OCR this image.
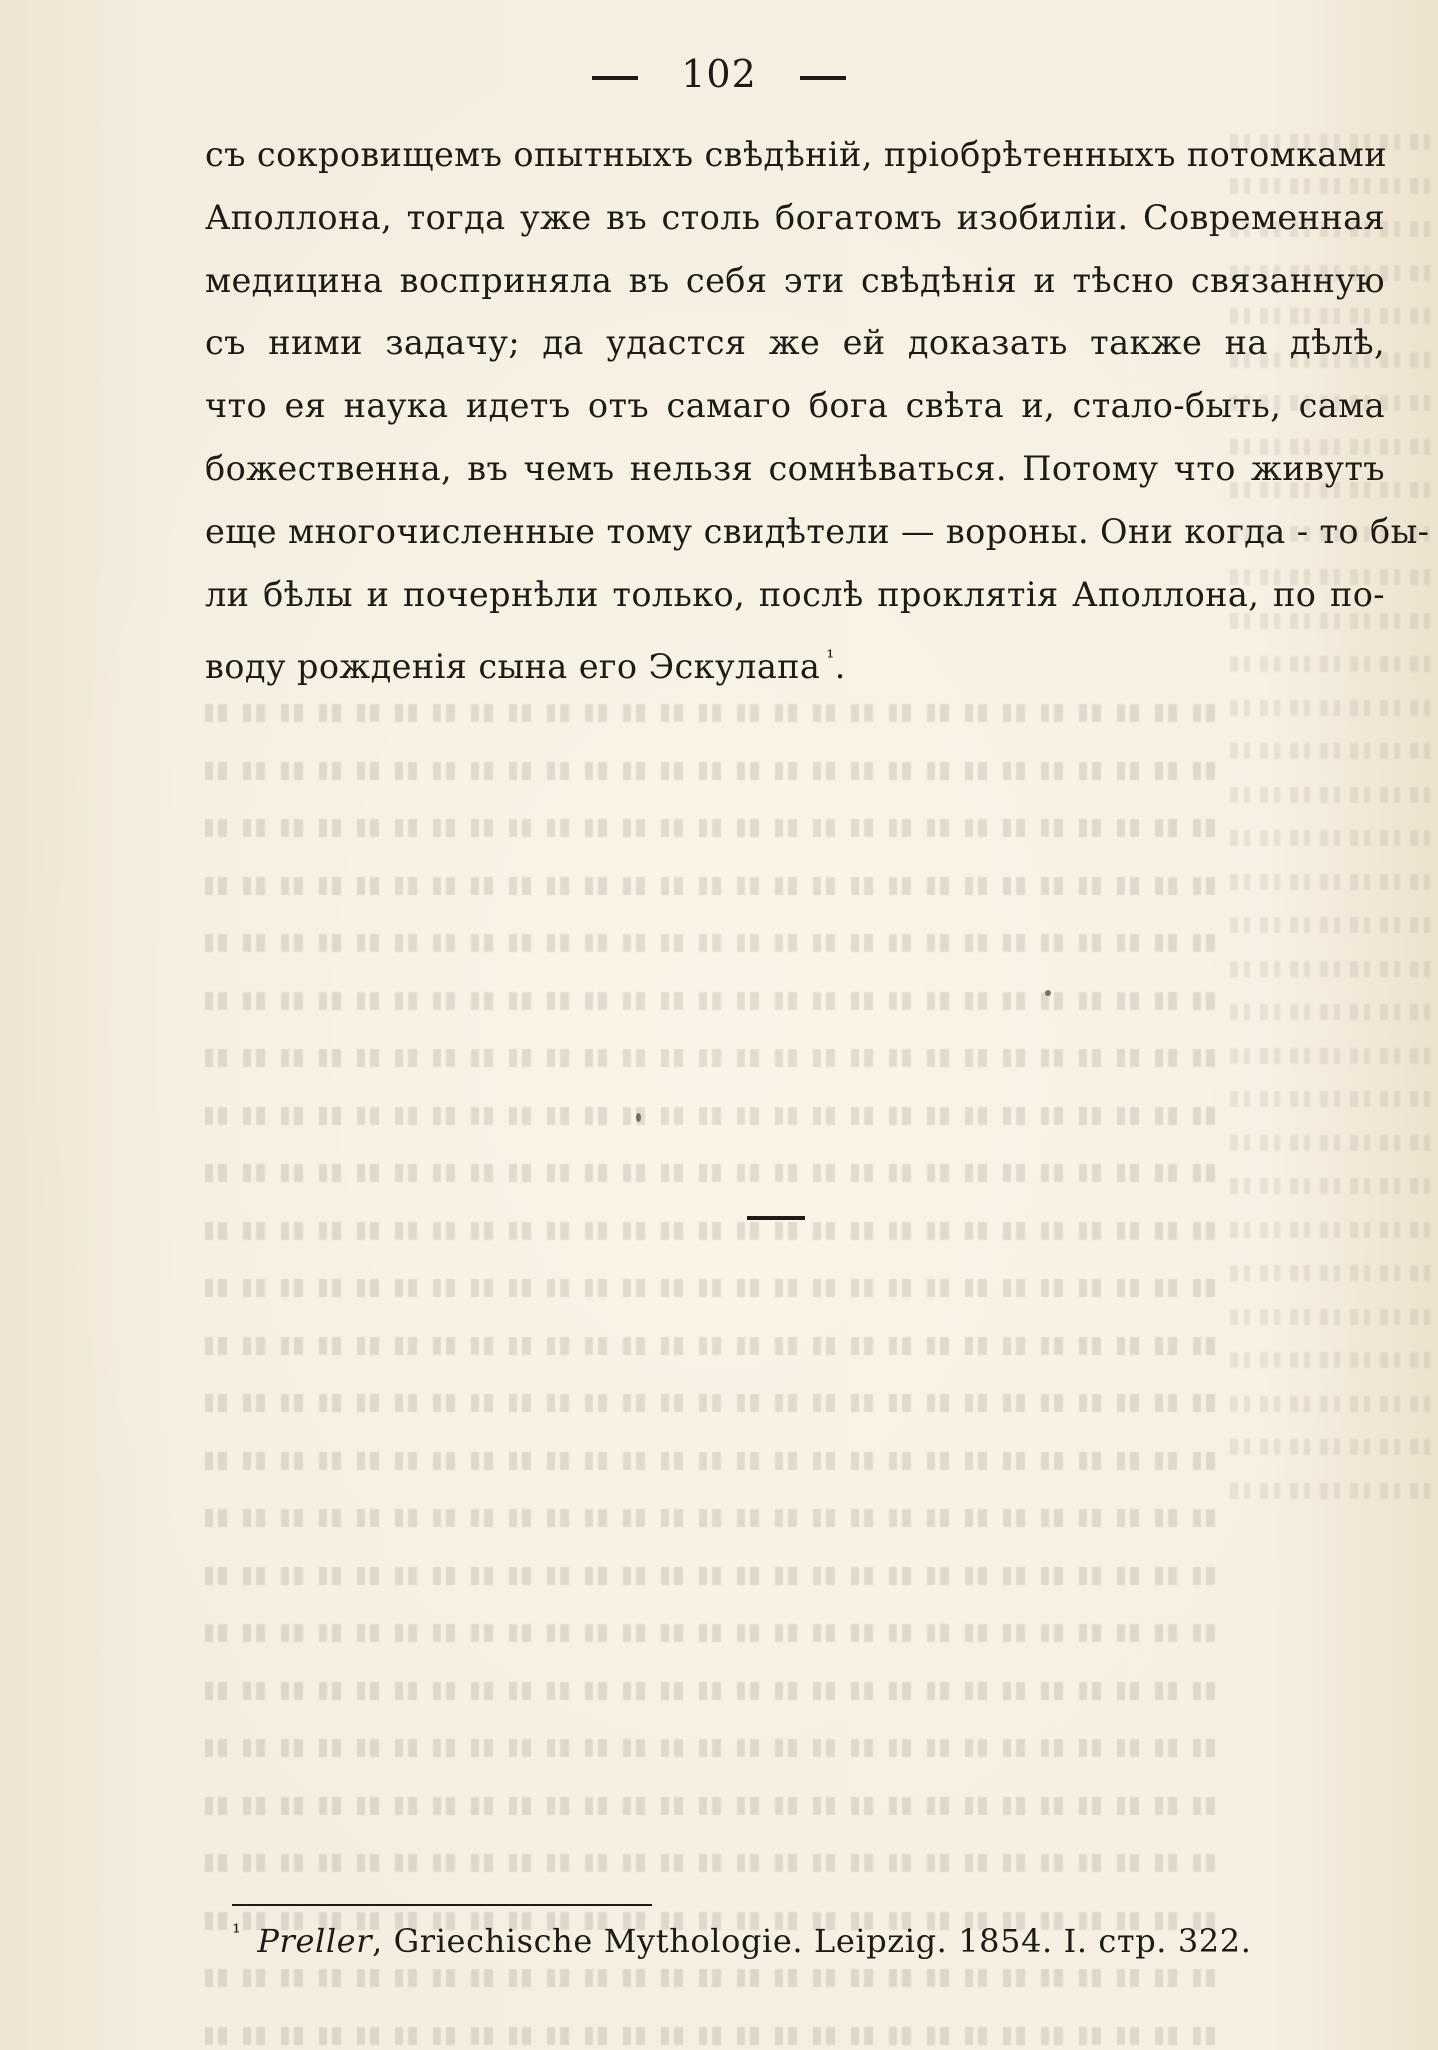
102
съ сокровищемъ опытныхъ свѣдѣній, пріобрѣтенныхъ потомками
Аполлона, тогда уже въ столь богатомъ изобиліи. Современная
медицина восприняла въ себя эти свѣдѣнія и тѣсно связанную
съ ними задачу; да удастся же ей доказать также на дѣлѣ,
что ея наука идетъ отъ самаго бога свѣта и, стало-быть, сама
божественна, въ чемъ нельзя сомнѣваться. Потому что живутъ
еще многочисленные тому свидѣтели — вороны. Они когда - то бы-
ли бѣлы и почернѣли только, послѣ проклятія Аполлона, по по-
воду рожденія сына его Эскулапа $^{^1}$.
$^{^1}$ Preller, Griechische Mythologie. Leipzig. 1854. I. стр. 322.
